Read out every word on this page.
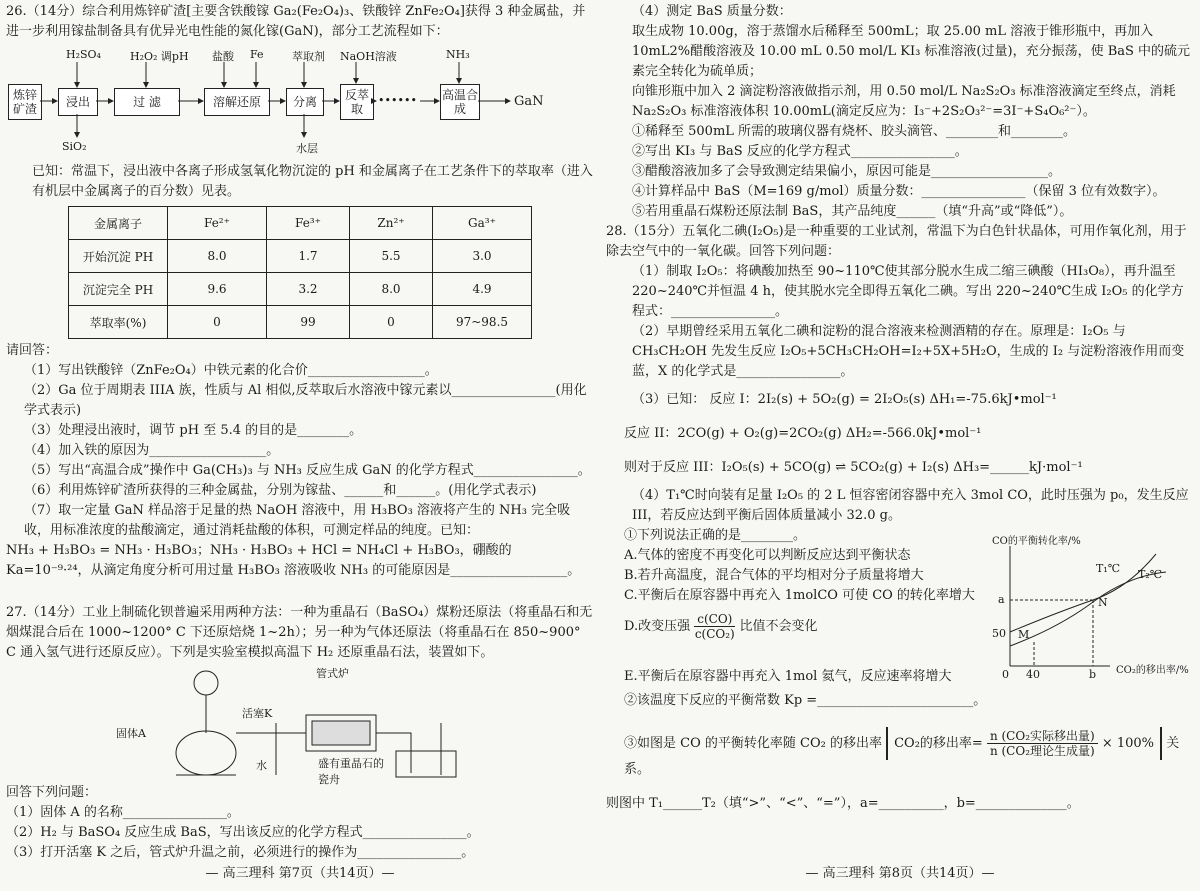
26.（14分）综合利用炼锌矿渣[主要含铁酸镓 Ga₂(Fe₂O₄)₃、铁酸锌 ZnFe₂O₄]获得 3 种金属盐，并进一步利用镓盐制备具有优异光电性能的氮化镓(GaN)，部分工艺流程如下：

炼锌矿渣	浸出	过 滤	溶解还原	分离	反萃取
•••••• 高温合成	GaN
H₂SO₄	H₂O₂ 调pH 盐酸 Fe	萃取剂 NaOH溶液	NH₃
SiO₂	水层

已知：常温下，浸出液中各离子形成氢氧化物沉淀的 pH 和金属离子在工艺条件下的萃取率（进入有机层中金属离子的百分数）见表。

金属离子	Fe²⁺	Fe³⁺	Zn²⁺	Ga³⁺
开始沉淀 PH	8.0	1.7	5.5	3.0
沉淀完全 PH	9.6	3.2	8.0	4.9
萃取率(%)	0	99	0	97~98.5

请回答：

（1）写出铁酸锌（ZnFe₂O₄）中铁元素的化合价__________________。

（2）Ga 位于周期表 IIIA 族，性质与 Al 相似,反萃取后水溶液中镓元素以________________(用化学式表示)

（3）处理浸出液时，调节 pH 至 5.4 的目的是________。

（4）加入铁的原因为__________________。

（5）写出“高温合成”操作中 Ga(CH₃)₃ 与 NH₃ 反应生成 GaN 的化学方程式________________。

（6）利用炼锌矿渣所获得的三种金属盐，分别为镓盐、______和______。(用化学式表示)

（7）取一定量 GaN 样品溶于足量的热 NaOH 溶液中，用 H₃BO₃ 溶液将产生的 NH₃ 完全吸收，用标准浓度的盐酸滴定，通过消耗盐酸的体积，可测定样品的纯度。已知：

NH₃ + H₃BO₃ = NH₃ · H₃BO₃；NH₃ · H₃BO₃ + HCl = NH₄Cl + H₃BO₃，硼酸的 Ka=10⁻⁹·²⁴，从滴定角度分析可用过量 H₃BO₃ 溶液吸收 NH₃ 的可能原因是__________________。

27.（14分）工业上制硫化钡普遍采用两种方法：一种为重晶石（BaSO₄）煤粉还原法（将重晶石和无烟煤混合后在 1000~1200° C 下还原焙烧 1~2h）；另一种为气体还原法（将重晶石在 850~900° C 通入氢气进行还原反应）。下列是实验室模拟高温下 H₂ 还原重晶石法，装置如下。

管式炉
活塞K
固体A
水	盛有重晶石的瓷舟

回答下列问题：

（1）固体 A 的名称________________。

（2）H₂ 与 BaSO₄ 反应生成 BaS，写出该反应的化学方程式________________。

（3）打开活塞 K 之后，管式炉升温之前，必须进行的操作为________________。

— 高三理科 第7页（共14页）—

（4）测定 BaS 质量分数：

取生成物 10.00g，溶于蒸馏水后稀释至 500mL；取 25.00 mL 溶液于锥形瓶中，再加入 10mL2%醋酸溶液及 10.00 mL 0.50 mol/L KI₃ 标准溶液(过量)，充分振荡，使 BaS 中的硫元素完全转化为硫单质；

向锥形瓶中加入 2 滴淀粉溶液做指示剂，用 0.50 mol/L Na₂S₂O₃ 标准溶液滴定至终点，消耗 Na₂S₂O₃ 标准溶液体积 10.00mL(滴定反应为：I₃⁻+2S₂O₃²⁻=3I⁻+S₄O₆²⁻）。

①稀释至 500mL 所需的玻璃仪器有烧杯、胶头滴管、________和________。

②写出 KI₃ 与 BaS 反应的化学方程式________________。

③醋酸溶液加多了会导致测定结果偏小，原因可能是__________________。

④计算样品中 BaS（M=169 g/mol）质量分数：________________（保留 3 位有效数字）。

⑤若用重晶石煤粉还原法制 BaS，其产品纯度______（填“升高”或“降低”）。

28.（15分）五氧化二碘(I₂O₅)是一种重要的工业试剂，常温下为白色针状晶体，可用作氧化剂，用于除去空气中的一氧化碳。回答下列问题：

（1）制取 I₂O₅：将碘酸加热至 90~110℃使其部分脱水生成二缩三碘酸（HI₃O₈），再升温至 220~240℃并恒温 4 h，使其脱水完全即得五氧化二碘。写出 220~240℃生成 I₂O₅ 的化学方程式：________________。

（2）早期曾经采用五氧化二碘和淀粉的混合溶液来检测酒精的存在。原理是：I₂O₅ 与 CH₃CH₂OH 先发生反应 I₂O₅+5CH₃CH₂OH=I₂+5X+5H₂O，生成的 I₂ 与淀粉溶液作用而变蓝，X 的化学式是________________。

（3）已知： 反应 I：2I₂(s) + 5O₂(g) = 2I₂O₅(s) ΔH₁=-75.6kJ•mol⁻¹

反应 II：2CO(g) + O₂(g)=2CO₂(g) ΔH₂=-566.0kJ•mol⁻¹

则对于反应 III：I₂O₅(s) + 5CO(g) ⇌ 5CO₂(g) + I₂(s) ΔH₃=______kJ·mol⁻¹

（4）T₁℃时向装有足量 I₂O₅ 的 2 L 恒容密闭容器中充入 3mol CO，此时压强为 p₀，发生反应 III，若反应达到平衡后固体质量减小 32.0 g。

①下列说法正确的是________。

A.气体的密度不再变化可以判断反应达到平衡状态

B.若升高温度，混合气体的平均相对分子质量将增大

C.平衡后在原容器中再充入 1molCO 可使 CO 的转化率增大

D.改变压强 $\frac{c(CO)}{\text{c(CO₂)}}$ 比值不会变化

E.平衡后在原容器中再充入 1mol 氦气，反应速率将增大

②该温度下反应的平衡常数 Kp =________________________。

③如图是 CO 的平衡转化率随 CO₂ 的移出率 CO₂的移出率= $\frac{\text{n (CO₂实际移出量)}}{\text{n (CO₂理论生成量)}} \times 100\%$ 关系。

则图中 T₁______T₂（填“>”、“<”、“=”），a=__________，b=______________。

CO的平衡转化率/%
CO₂的移出率/%
T₁℃ T₂℃
a	N
M
50
0 40	b
— 高三理科 第8页（共14页）—
